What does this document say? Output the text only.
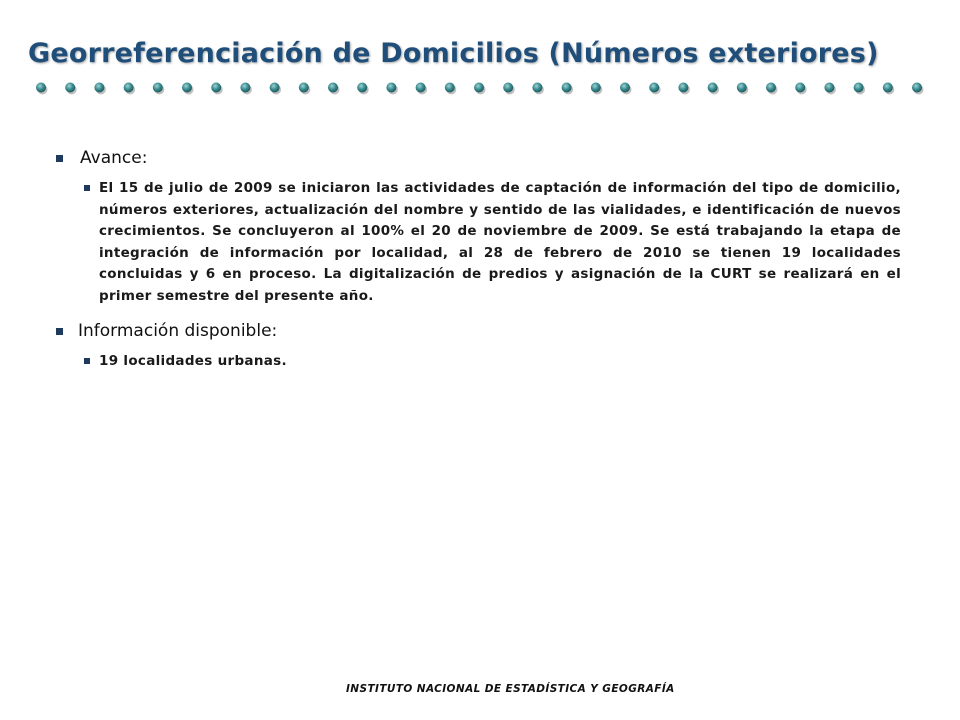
Georreferenciación de Domicilios (Números exteriores)
Avance:
El 15 de julio de 2009 se iniciaron las actividades de captación de información del tipo de domicilio, números exteriores, actualización del nombre y sentido de las vialidades, e identificación de nuevos crecimientos. Se concluyeron al 100% el 20 de noviembre de 2009. Se está trabajando la etapa de integración de información por localidad, al 28 de febrero de 2010 se tienen 19 localidades concluidas y 6 en proceso. La digitalización de predios y asignación de la CURT se realizará en el primer semestre del presente año.
Información disponible:
19 localidades urbanas.
INSTITUTO NACIONAL DE ESTADÍSTICA Y GEOGRAFÍA
